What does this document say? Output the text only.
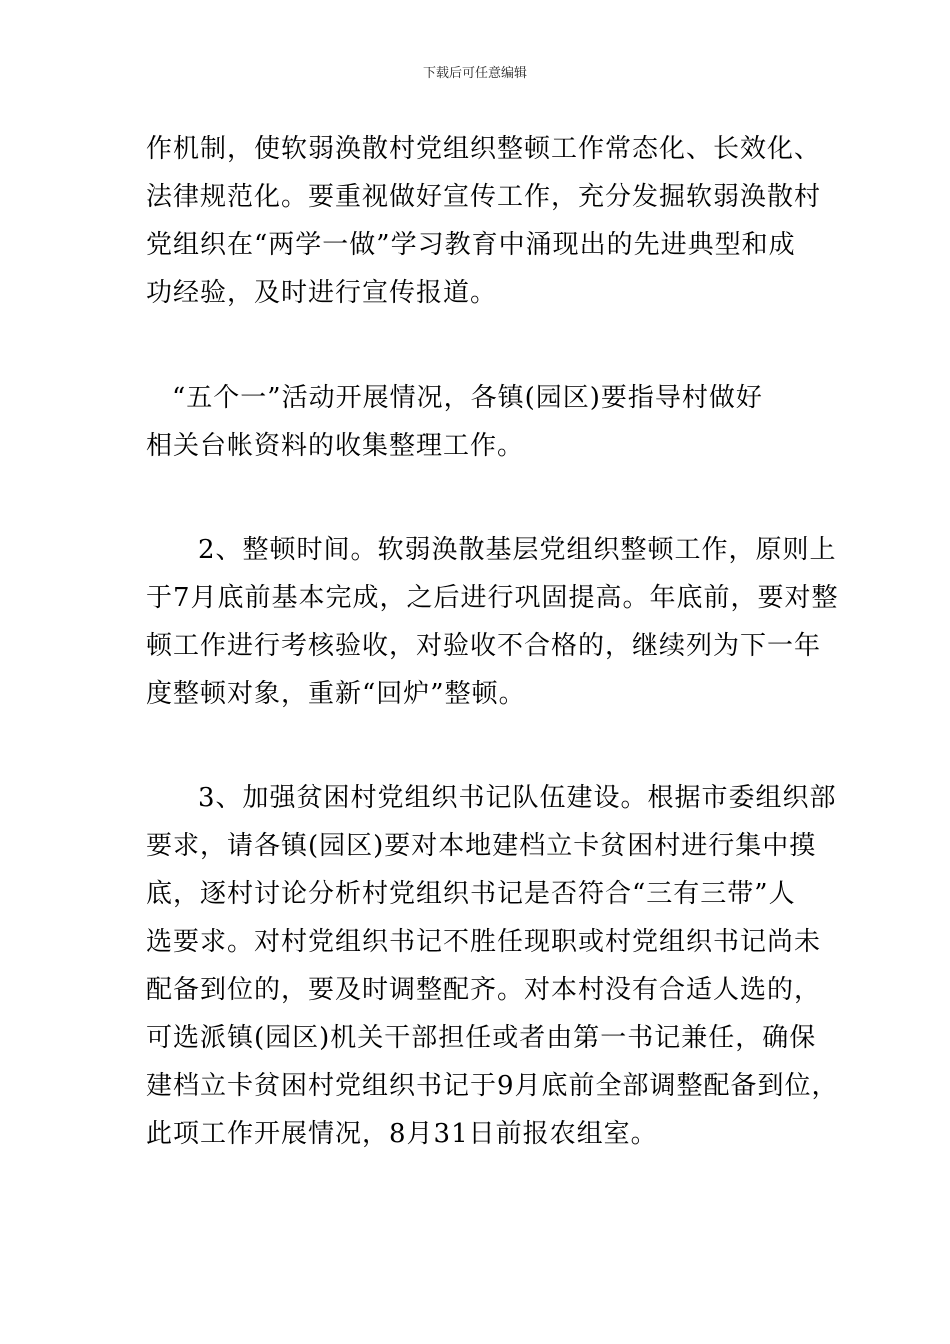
下载后可任意编辑
作机制，使软弱涣散村党组织整顿工作常态化、长效化、
法律规范化。要重视做好宣传工作，充分发掘软弱涣散村
党组织在“两学一做”学习教育中涌现出的先进典型和成
功经验，及时进行宣传报道。
“五个一”活动开展情况，各镇(园区)要指导村做好
相关台帐资料的收集整理工作。
2、整顿时间。软弱涣散基层党组织整顿工作，原则上
于7月底前基本完成，之后进行巩固提高。年底前，要对整
顿工作进行考核验收，对验收不合格的，继续列为下一年
度整顿对象，重新“回炉”整顿。
3、加强贫困村党组织书记队伍建设。根据市委组织部
要求，请各镇(园区)要对本地建档立卡贫困村进行集中摸
底，逐村讨论分析村党组织书记是否符合“三有三带”人
选要求。对村党组织书记不胜任现职或村党组织书记尚未
配备到位的，要及时调整配齐。对本村没有合适人选的，
可选派镇(园区)机关干部担任或者由第一书记兼任，确保
建档立卡贫困村党组织书记于9月底前全部调整配备到位，
此项工作开展情况，8月31日前报农组室。
